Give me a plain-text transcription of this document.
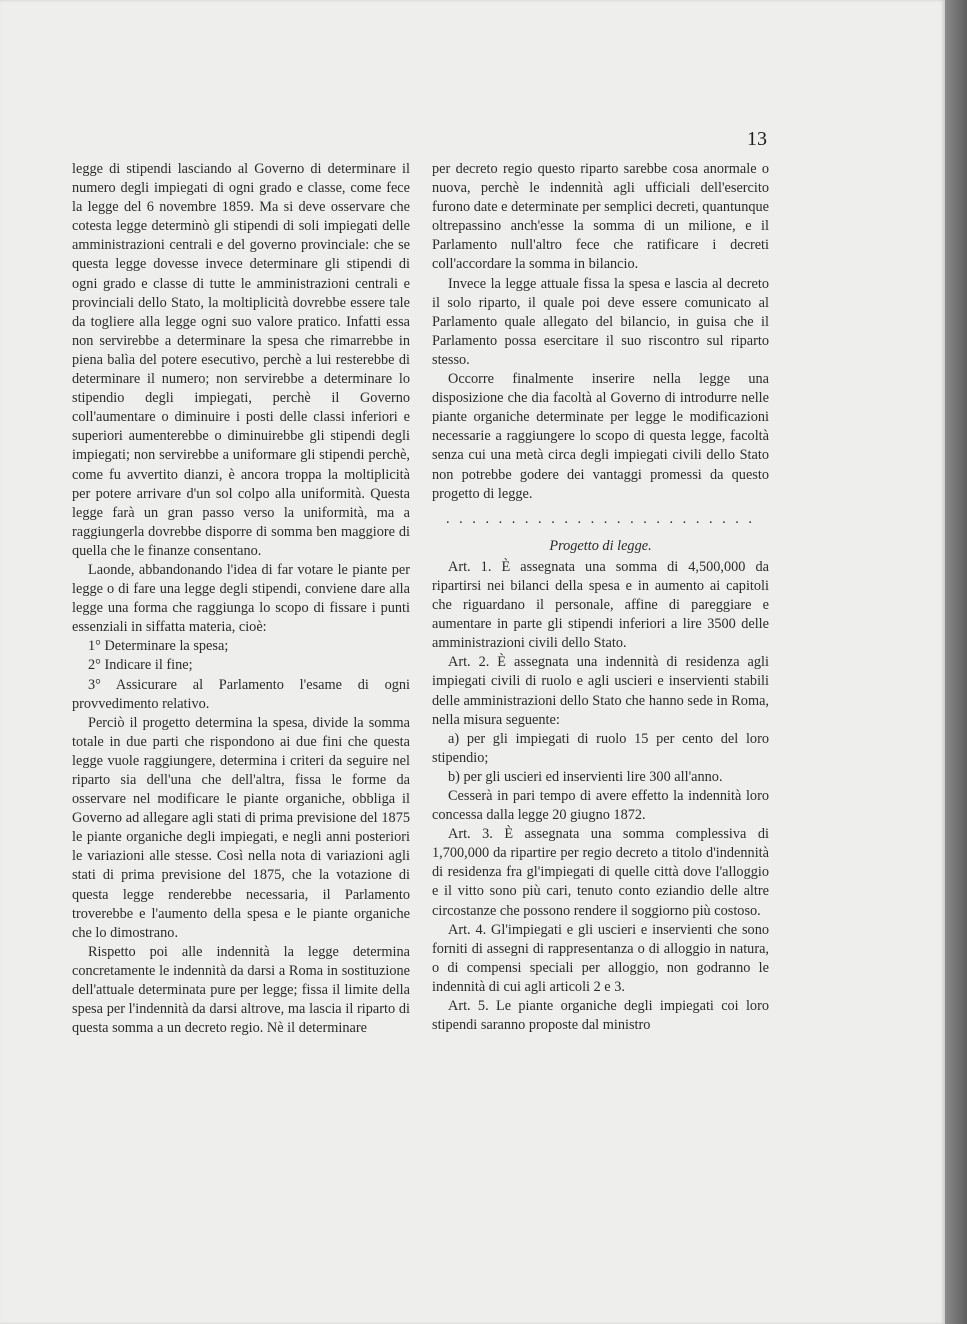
13

legge di stipendi lasciando al Governo di determinare il numero degli impiegati di ogni grado e classe, come fece la legge del 6 novembre 1859. Ma si deve osservare che cotesta legge determinò gli stipendi di soli impiegati delle amministrazioni centrali e del governo provinciale: che se questa legge dovesse invece determinare gli stipendi di ogni grado e classe di tutte le amministrazioni centrali e provinciali dello Stato, la moltiplicità dovrebbe essere tale da togliere alla legge ogni suo valore pratico. Infatti essa non servirebbe a determinare la spesa che rimarrebbe in piena balìa del potere esecutivo, perchè a lui resterebbe di determinare il numero; non servirebbe a determinare lo stipendio degli impiegati, perchè il Governo coll'aumentare o diminuire i posti delle classi inferiori e superiori aumenterebbe o diminuirebbe gli stipendi degli impiegati; non servirebbe a uniformare gli stipendi perchè, come fu avvertito dianzi, è ancora troppa la moltiplicità per potere arrivare d'un sol colpo alla uniformità. Questa legge farà un gran passo verso la uniformità, ma a raggiungerla dovrebbe disporre di somma ben maggiore di quella che le finanze consentano.

Laonde, abbandonando l'idea di far votare le piante per legge o di fare una legge degli stipendi, conviene dare alla legge una forma che raggiunga lo scopo di fissare i punti essenziali in siffatta materia, cioè:

1° Determinare la spesa;

2° Indicare il fine;

3° Assicurare al Parlamento l'esame di ogni provvedimento relativo.

Perciò il progetto determina la spesa, divide la somma totale in due parti che rispondono ai due fini che questa legge vuole raggiungere, determina i criteri da seguire nel riparto sia dell'una che dell'altra, fissa le forme da osservare nel modificare le piante organiche, obbliga il Governo ad allegare agli stati di prima previsione del 1875 le piante organiche degli impiegati, e negli anni posteriori le variazioni alle stesse. Così nella nota di variazioni agli stati di prima previsione del 1875, che la votazione di questa legge renderebbe necessaria, il Parlamento troverebbe e l'aumento della spesa e le piante organiche che lo dimostrano.

Rispetto poi alle indennità la legge determina concretamente le indennità da darsi a Roma in sostituzione dell'attuale determinata pure per legge; fissa il limite della spesa per l'indennità da darsi altrove, ma lascia il riparto di questa somma a un decreto regio. Nè il determinare

per decreto regio questo riparto sarebbe cosa anormale o nuova, perchè le indennità agli ufficiali dell'esercito furono date e determinate per semplici decreti, quantunque oltrepassino anch'esse la somma di un milione, e il Parlamento null'altro fece che ratificare i decreti coll'accordare la somma in bilancio.

Invece la legge attuale fissa la spesa e lascia al decreto il solo riparto, il quale poi deve essere comunicato al Parlamento quale allegato del bilancio, in guisa che il Parlamento possa esercitare il suo riscontro sul riparto stesso.

Occorre finalmente inserire nella legge una disposizione che dia facoltà al Governo di introdurre nelle piante organiche determinate per legge le modificazioni necessarie a raggiungere lo scopo di questa legge, facoltà senza cui una metà circa degli impiegati civili dello Stato non potrebbe godere dei vantaggi promessi da questo progetto di legge.

. . . . . . . . . . . . . . . . . . . . . . . .

Progetto di legge.

Art. 1. È assegnata una somma di 4,500,000 da ripartirsi nei bilanci della spesa e in aumento ai capitoli che riguardano il personale, affine di pareggiare e aumentare in parte gli stipendi inferiori a lire 3500 delle amministrazioni civili dello Stato.

Art. 2. È assegnata una indennità di residenza agli impiegati civili di ruolo e agli uscieri e inservienti stabili delle amministrazioni dello Stato che hanno sede in Roma, nella misura seguente:

a) per gli impiegati di ruolo 15 per cento del loro stipendio;

b) per gli uscieri ed inservienti lire 300 all'anno.

Cesserà in pari tempo di avere effetto la indennità loro concessa dalla legge 20 giugno 1872.

Art. 3. È assegnata una somma complessiva di 1,700,000 da ripartire per regio decreto a titolo d'indennità di residenza fra gl'impiegati di quelle città dove l'alloggio e il vitto sono più cari, tenuto conto eziandio delle altre circostanze che possono rendere il soggiorno più costoso.

Art. 4. Gl'impiegati e gli uscieri e inservienti che sono forniti di assegni di rappresentanza o di alloggio in natura, o di compensi speciali per alloggio, non godranno le indennità di cui agli articoli 2 e 3.

Art. 5. Le piante organiche degli impiegati coi loro stipendi saranno proposte dal ministro
